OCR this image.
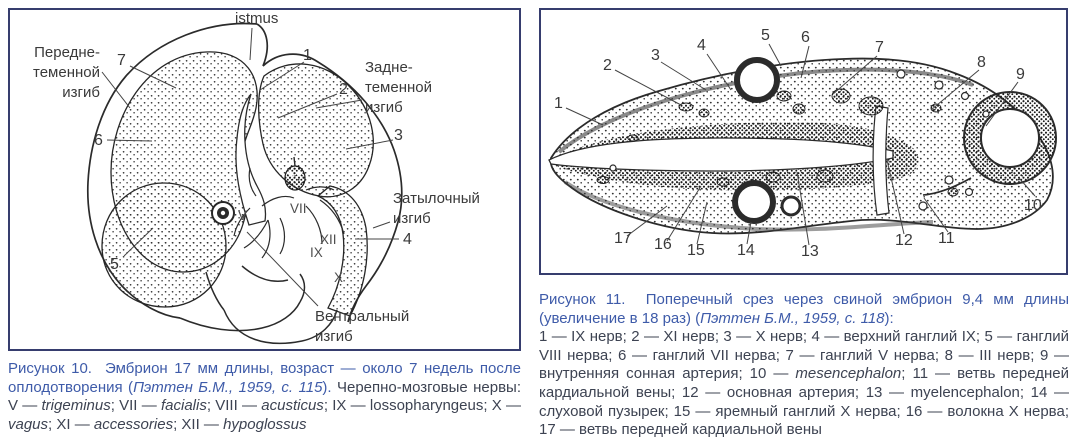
istmus
Передне-
теменной
изгиб
Задне-
теменной
изгиб
Затылочный
изгиб
Вентральный
изгиб
1
2
3
4
5
6
7
V	VII
XII
IX
X
1
2
3
4
5 6
7
8
9
10
11
12
13
14
15
16
17

Рисунок 10.  Эмбрион 17 мм длины, возраст — около 7 недель после оплодотворения (Пэттен Б.М., 1959, с. 115). Черепно-мозговые нервы: V — trigeminus; VII — facialis; VIII — acusticus; IX — lossopharyngeus; X — vagus; XI — accessories; XII — hypoglossus

Рисунок 11.  Поперечный срез через свиной эмбрион 9,4 мм длины (увеличение в 18 раз) (Пэттен Б.М., 1959, с. 118):

1 — IX нерв; 2 — XI нерв; 3 — X нерв; 4 — верхний ганглий IX; 5 — ганглий VIII нерва; 6 — ганглий VII нерва; 7 — ганглий V нерва; 8 — III нерв; 9 — внутренняя сонная артерия; 10 — mesencephalon; 11 — ветвь передней кардиальной вены; 12 — основная артерия; 13 — myelencephalon; 14 — слуховой пузырек; 15 — яремный ганглий X нерва; 16 — волокна X нерва; 17 — ветвь передней кардиальной вены
